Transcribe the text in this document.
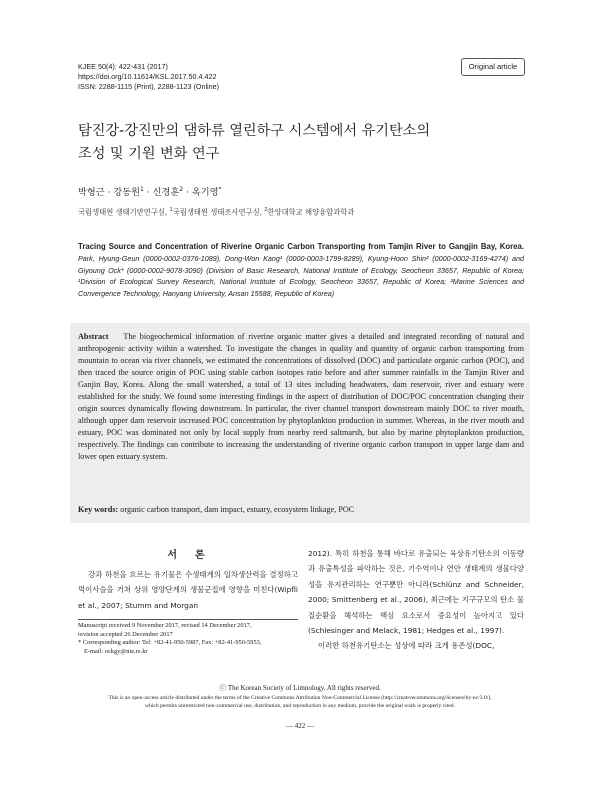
KJEE 50(4): 422-431 (2017)
https://doi.org/10.11614/KSL.2017.50.4.422
ISSN: 2288-1115 (Print), 2288-1123 (Online)
Original article
탐진강-강진만의 댐하류 열린하구 시스템에서 유기탄소의
조성 및 기원 변화 연구
박형근 · 강동원$^1$ · 신경훈$^2$ · 옥기영*
국립생태원 생태기반연구실, $^1$국립생태원 생태조사연구실, $^2$한양대학교 해양융합과학과
Tracing Source and Concentration of Riverine Organic Carbon Transporting from Tamjin River to Gangjin Bay, Korea. Park, Hyung-Geun (0000-0002-0376-1089), Dong-Won Kang¹ (0000-0003-1799-8289), Kyung-Hoon Shin² (0000-0002-3169-4274) and Giyoung Ock* (0000-0002-9078-3090) (Division of Basic Research, National Institute of Ecology, Seocheon 33657, Republic of Korea; ¹Division of Ecological Survey Research, National Institute of Ecology, Seocheon 33657, Republic of Korea; ²Marine Sciences and Convergence Technology, Hanyang University, Ansan 15588, Republic of Korea)
Abstract The biogeochemical information of riverine organic matter gives a detailed and integrated recording of natural and anthropogenic activity within a watershed. To investigate the changes in quality and quantity of organic carbon transporting from mountain to ocean via river channels, we estimated the concentrations of dissolved (DOC) and particulate organic carbon (POC), and then traced the source origin of POC using stable carbon isotopes ratio before and after summer rainfalls in the Tamjin River and Ganjin Bay, Korea. Along the small watershed, a total of 13 sites including headwaters, dam reservoir, river and estuary were established for the study. We found some interesting findings in the aspect of distribution of DOC/POC concentration changing their origin sources dynamically flowing downstream. In particular, the river channel transport downstream mainly DOC to river mouth, although upper dam reservoir increased POC concentration by phytoplankton production in summer. Whereas, in the river mouth and estuary, POC was dominated not only by local supply from nearby reed saltmarsh, but also by marine phytoplankton production, respectively. The findings can contribute to increasing the understanding of riverine organic carbon transport in upper large dam and lower open estuary system.
Key words: organic carbon transport, dam impact, estuary, ecosystem linkage, POC
서론
강과 하천을 흐르는 유기물은 수생태계의 일차생산력을 결정하고 먹이사슬을 거쳐 상위 영양단계의 생물군집에 영향을 미친다(Wipfli et al., 2007; Stumm and Morgan
Manuscript received 9 November 2017, revised 14 December 2017,
revision accepted 26 December 2017
* Corresponding author: Tel: +82-41-950-5987, Fax: +82-41-950-5953,
E-mail: ockgy@nie.re.kr

2012). 특히 하천을 통해 바다로 유출되는 육상유기탄소의 이동량과 유출특성을 파악하는 것은, 기수역이나 연안 생태계의 생물다양성을 유지관리하는 연구뿐만 아니라(Schlünz and Schneider, 2000; Smittenberg et al., 2006), 최근에는 지구규모의 탄소 물질순환을 해석하는 핵심 요소로서 중요성이 높아지고 있다(Schlesinger and Melack, 1981; Hedges et al., 1997).

이러한 하천유기탄소는 성상에 따라 크게 용존성(DOC,

ⓒ The Korean Society of Limnology. All rights reserved.
This is an open-access article distributed under the terms of the Creative Commons Attribution Non-Commercial License (http://creativecommons.org/licenses/by-nc/3.0/),
which permits unrestricted non-commercial use, distribution, and reproduction in any medium, provide the original work is properly cited.
— 422 —
